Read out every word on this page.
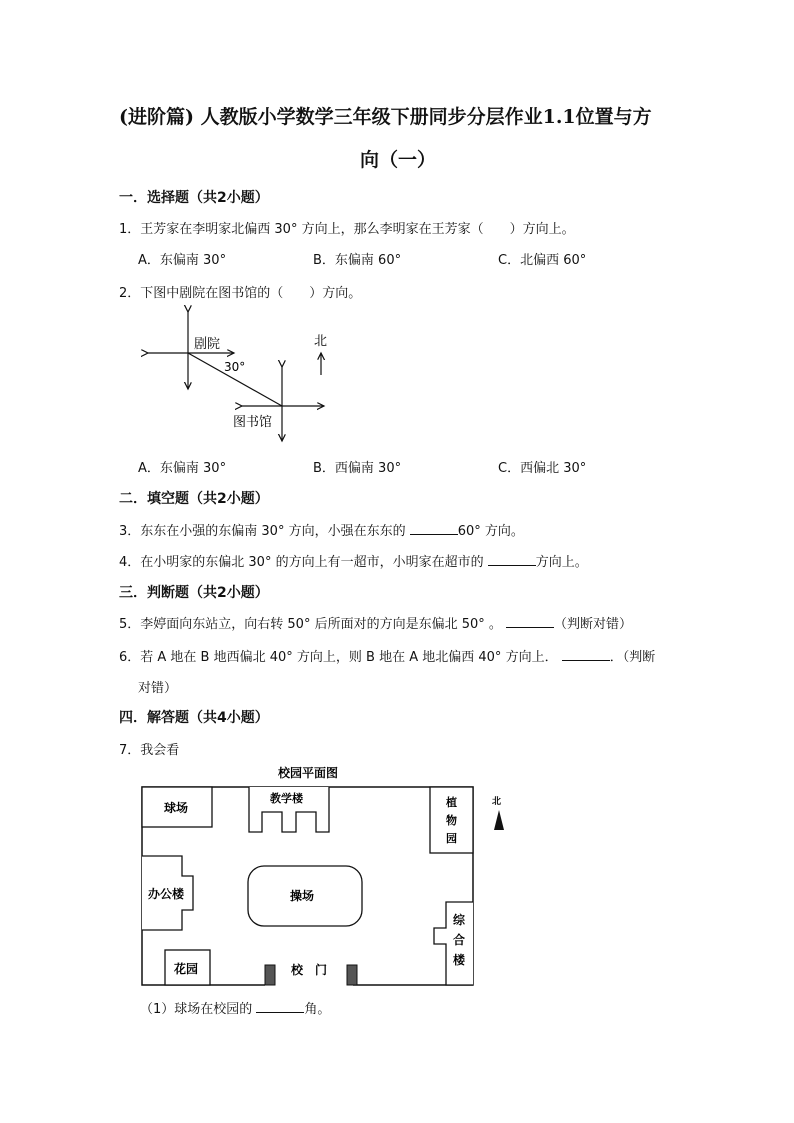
(进阶篇) 人教版小学数学三年级下册同步分层作业1.1位置与方
向（一）
一．选择题（共2小题）
1．王芳家在李明家北偏西 30° 方向上，那么李明家在王芳家（　　）方向上。
A．东偏南 30°	B．东偏南 60°	C．北偏西 60°
2．下图中剧院在图书馆的（　　）方向。
剧院
30°
图书馆
北
A．东偏南 30°	B．西偏南 30°	C．西偏北 30°
二．填空题（共2小题）
3．东东在小强的东偏南 30° 方向，小强在东东的	60° 方向。
4．在小明家的东偏北 30° 的方向上有一超市，小明家在超市的	方向上。
三．判断题（共2小题）
5．李婷面向东站立，向右转 50° 后所面对的方向是东偏北 50° 。	（判断对错）
6．若 A 地在 B 地西偏北 40° 方向上，则 B 地在 A 地北偏西 40° 方向上．	．（判断
对错）
四．解答题（共4小题）
7．我会看
校园平面图
球场
教学楼	植
物
园
办公楼	操场
综
合
楼
花园	校　门
北
（1）球场在校园的	角。
